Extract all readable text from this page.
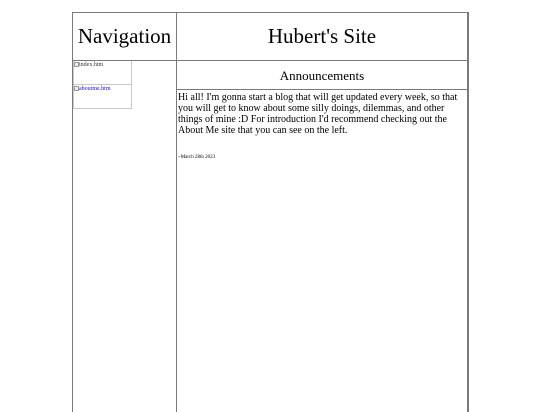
Navigation
index.htm
aboutme.htm
Hubert's Site
Announcements
Hi all! I'm gonna start a blog that will get updated every week, so that you will get to know about some silly doings, dilemmas, and other things of mine :D For introduction I'd recommend checking out the About Me site that you can see on the left.
~March 28th 2023
